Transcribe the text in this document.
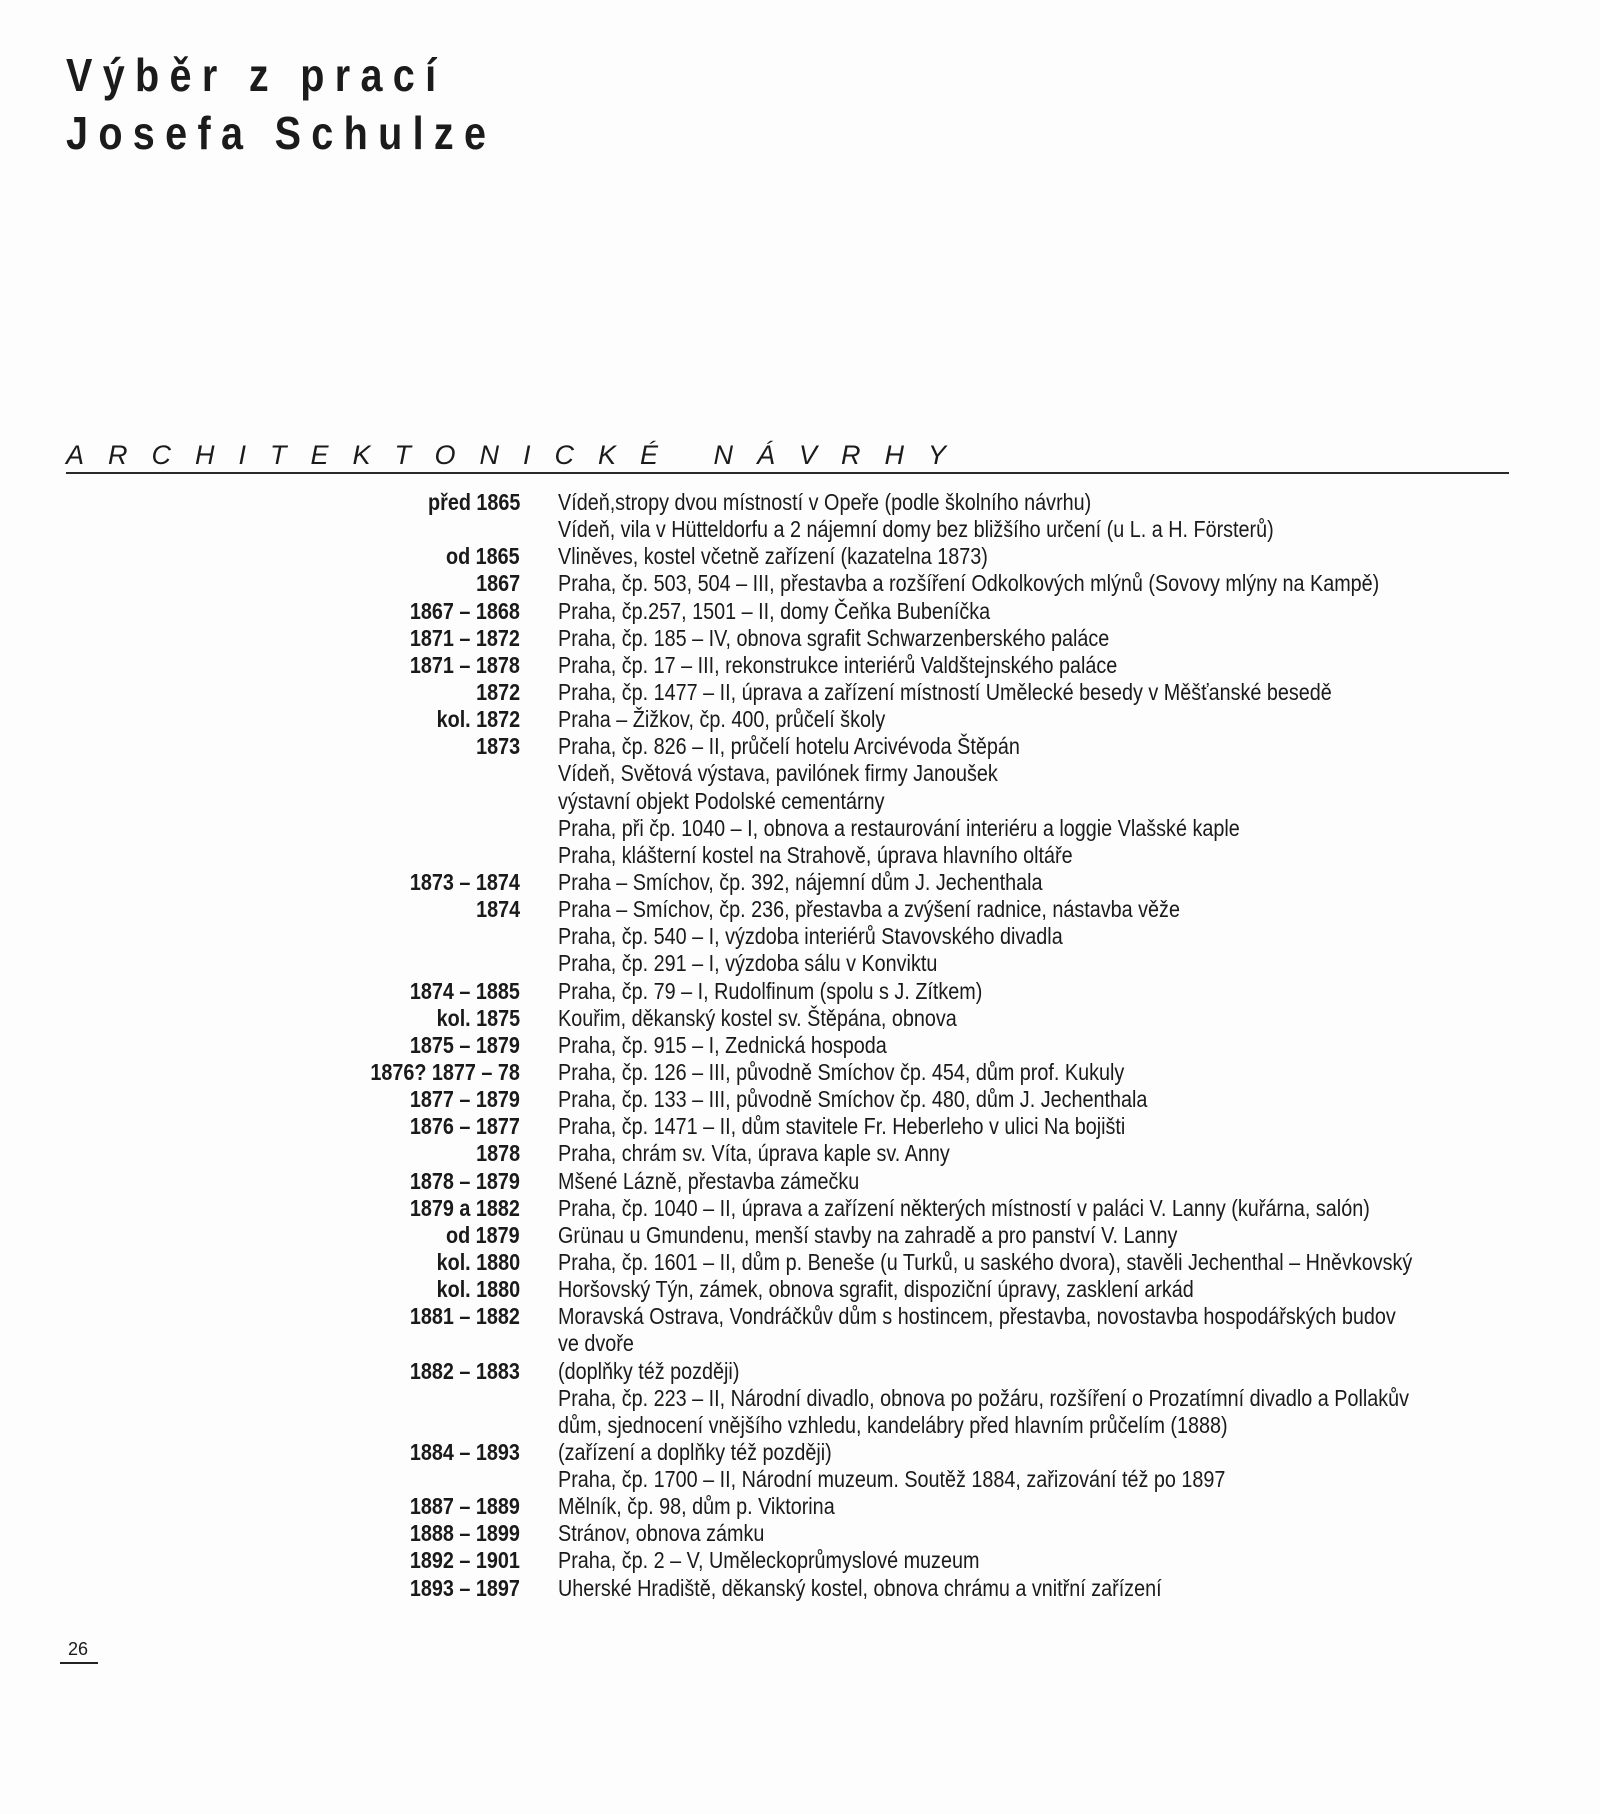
Výběr z prací
Josefa Schulze
ARCHITEKTONICKÉ NÁVRHY
před 1865 Vídeň,stropy dvou místností v Opeře (podle školního návrhu)
Vídeň, vila v Hütteldorfu a 2 nájemní domy bez bližšího určení (u L. a H. Försterů)
od 1865 Vliněves, kostel včetně zařízení (kazatelna 1873)
1867 Praha, čp. 503, 504 – III, přestavba a rozšíření Odkolkových mlýnů (Sovovy mlýny na Kampě)
1867 – 1868 Praha, čp.257, 1501 – II, domy Čeňka Bubeníčka
1871 – 1872 Praha, čp. 185 – IV, obnova sgrafit Schwarzenberského paláce
1871 – 1878 Praha, čp. 17 – III, rekonstrukce interiérů Valdštejnského paláce
1872 Praha, čp. 1477 – II, úprava a zařízení místností Umělecké besedy v Měšťanské besedě
kol. 1872 Praha – Žižkov, čp. 400, průčelí školy
1873 Praha, čp. 826 – II, průčelí hotelu Arcivévoda Štěpán
Vídeň, Světová výstava, pavilónek firmy Janoušek
výstavní objekt Podolské cementárny
Praha, při čp. 1040 – I, obnova a restaurování interiéru a loggie Vlašské kaple
Praha, klášterní kostel na Strahově, úprava hlavního oltáře
1873 – 1874 Praha – Smíchov, čp. 392, nájemní dům J. Jechenthala
1874 Praha – Smíchov, čp. 236, přestavba a zvýšení radnice, nástavba věže
Praha, čp. 540 – I, výzdoba interiérů Stavovského divadla
Praha, čp. 291 – I, výzdoba sálu v Konviktu
1874 – 1885 Praha, čp. 79 – I, Rudolfinum (spolu s J. Zítkem)
kol. 1875 Kouřim, děkanský kostel sv. Štěpána, obnova
1875 – 1879 Praha, čp. 915 – I, Zednická hospoda
1876? 1877 – 78 Praha, čp. 126 – III, původně Smíchov čp. 454, dům prof. Kukuly
1877 – 1879 Praha, čp. 133 – III, původně Smíchov čp. 480, dům J. Jechenthala
1876 – 1877 Praha, čp. 1471 – II, dům stavitele Fr. Heberleho v ulici Na bojišti
1878 Praha, chrám sv. Víta, úprava kaple sv. Anny
1878 – 1879 Mšené Lázně, přestavba zámečku
1879 a 1882 Praha, čp. 1040 – II, úprava a zařízení některých místností v paláci V. Lanny (kuřárna, salón)
od 1879 Grünau u Gmundenu, menší stavby na zahradě a pro panství V. Lanny
kol. 1880 Praha, čp. 1601 – II, dům p. Beneše (u Turků, u saského dvora), stavěli Jechenthal – Hněvkovský
kol. 1880 Horšovský Týn, zámek, obnova sgrafit, dispoziční úpravy, zasklení arkád
1881 – 1882 Moravská Ostrava, Vondráčkův dům s hostincem, přestavba, novostavba hospodářských budov
ve dvoře
1882 – 1883 (doplňky též později)
Praha, čp. 223 – II, Národní divadlo, obnova po požáru, rozšíření o Prozatímní divadlo a Pollakův
dům, sjednocení vnějšího vzhledu, kandelábry před hlavním průčelím (1888)
1884 – 1893 (zařízení a doplňky též později)
Praha, čp. 1700 – II, Národní muzeum. Soutěž 1884, zařizování též po 1897
1887 – 1889 Mělník, čp. 98, dům p. Viktorina
1888 – 1899 Stránov, obnova zámku
1892 – 1901 Praha, čp. 2 – V, Uměleckoprůmyslové muzeum
1893 – 1897 Uherské Hradiště, děkanský kostel, obnova chrámu a vnitřní zařízení
26
